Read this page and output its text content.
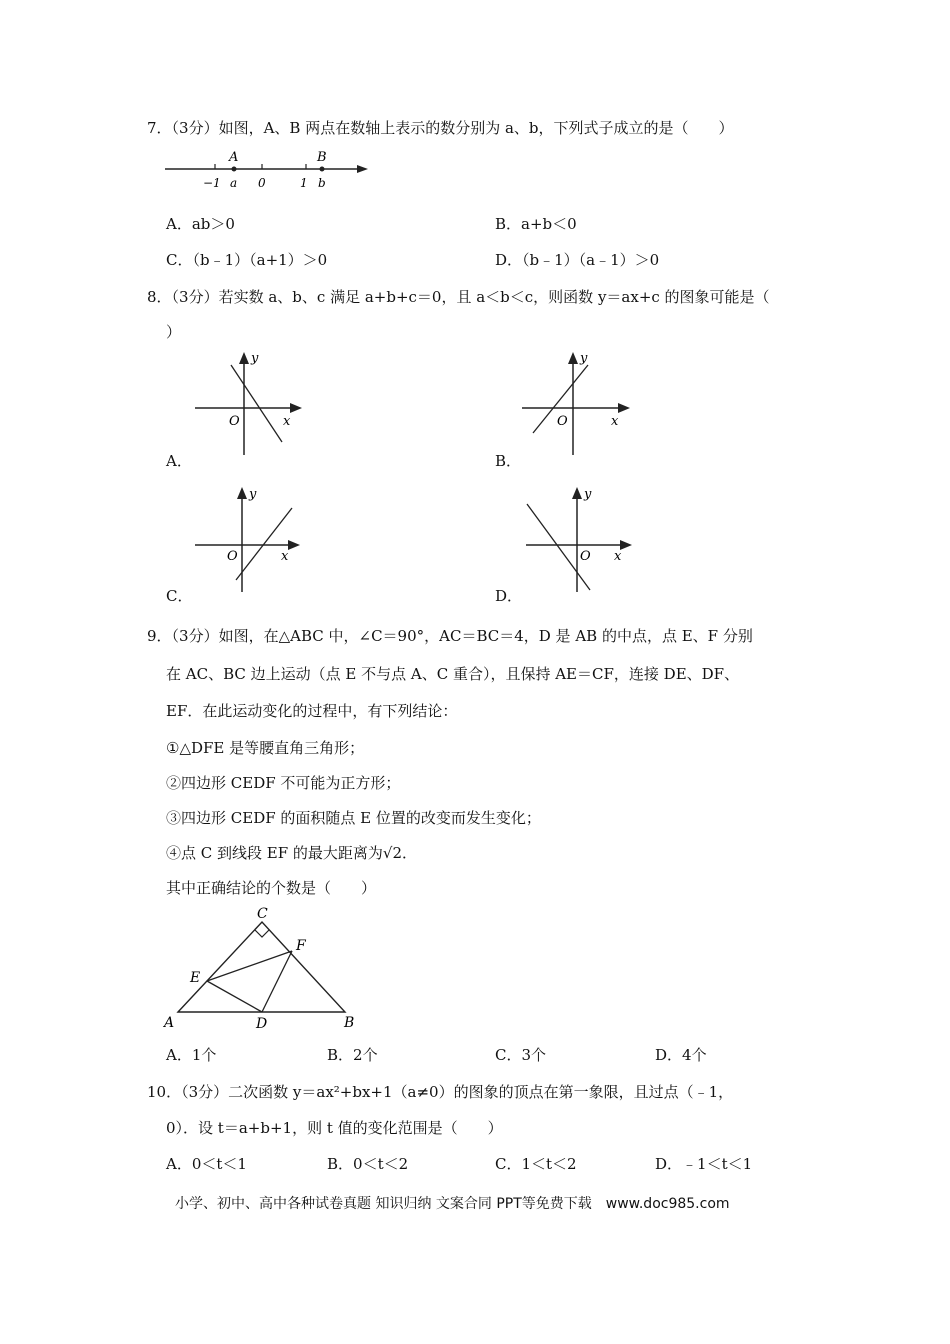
7．（3分）如图，A、B 两点在数轴上表示的数分别为 a、b，下列式子成立的是（　　）
A	B
−1 a 0	1 b
A．ab＞0	B．a+b＜0
C．（b﹣1）（a+1）＞0	D．（b﹣1）（a﹣1）＞0
8．（3分）若实数 a、b、c 满足 a+b+c＝0，且 a＜b＜c，则函数 y＝ax+c 的图象可能是（
）
y
O	x
A．
y
O	x
B．
y
O	x
C．
y
O x
D．
9．（3分）如图，在△ABC 中，∠C＝90°，AC＝BC＝4，D 是 AB 的中点，点 E、F 分别
在 AC、BC 边上运动（点 E 不与点 A、C 重合），且保持 AE＝CF，连接 DE、DF、
EF．在此运动变化的过程中，有下列结论：
①△DFE 是等腰直角三角形；
②四边形 CEDF 不可能为正方形；
③四边形 CEDF 的面积随点 E 位置的改变而发生变化；
④点 C 到线段 EF 的最大距离为√2．
其中正确结论的个数是（　　）
C
F
E
A	D	B
A．1个	B．2个	C．3个	D．4个
10．（3分）二次函数 y＝ax²+bx+1（a≠0）的图象的顶点在第一象限，且过点（﹣1，
0）．设 t＝a+b+1，则 t 值的变化范围是（　　）
A．0＜t＜1	B．0＜t＜2	C．1＜t＜2	D．﹣1＜t＜1
小学、初中、高中各种试卷真题 知识归纳 文案合同 PPT等免费下载　www.doc985.com
